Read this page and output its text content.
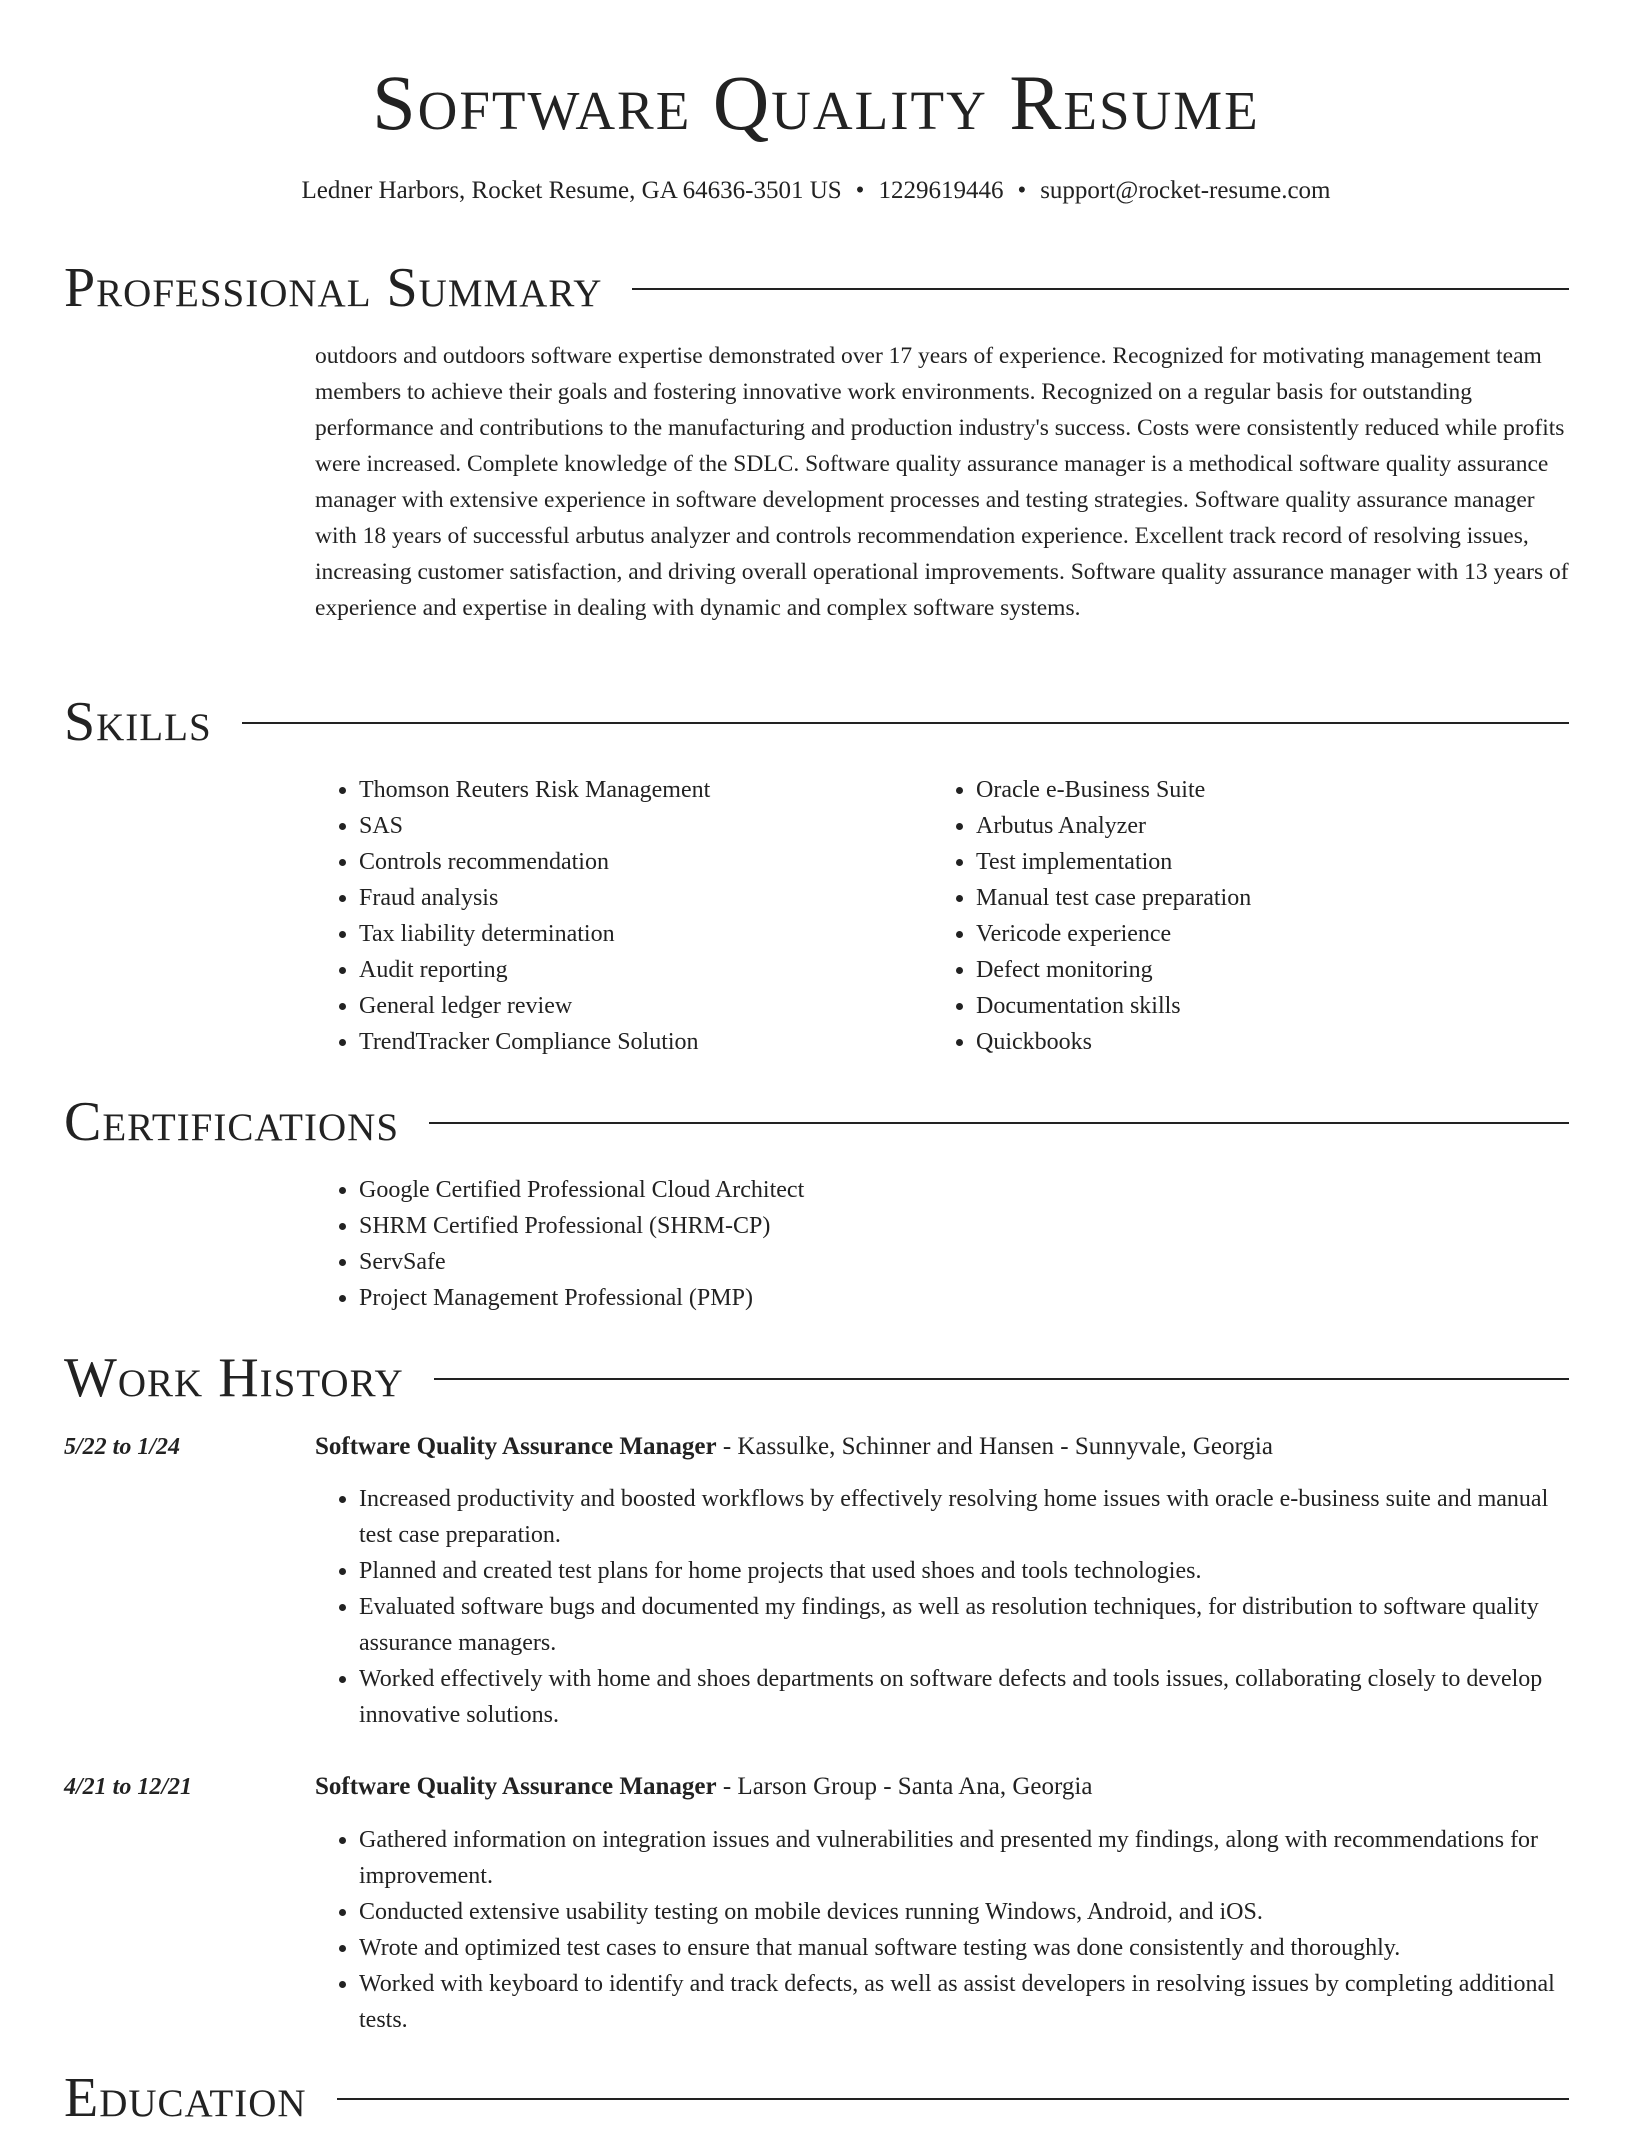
Software Quality Resume
Ledner Harbors, Rocket Resume, GA 64636-3501 US • 1229619446 • support@rocket-resume.com
Professional Summary
outdoors and outdoors software expertise demonstrated over 17 years of experience. Recognized for motivating management team members to achieve their goals and fostering innovative work environments. Recognized on a regular basis for outstanding performance and contributions to the manufacturing and production industry's success. Costs were consistently reduced while profits were increased. Complete knowledge of the SDLC. Software quality assurance manager is a methodical software quality assurance manager with extensive experience in software development processes and testing strategies. Software quality assurance manager with 18 years of successful arbutus analyzer and controls recommendation experience. Excellent track record of resolving issues, increasing customer satisfaction, and driving overall operational improvements. Software quality assurance manager with 13 years of experience and expertise in dealing with dynamic and complex software systems.
Skills
• Thomson Reuters Risk Management
• SAS
• Controls recommendation
• Fraud analysis
• Tax liability determination
• Audit reporting
• General ledger review
• TrendTracker Compliance Solution
• Oracle e-Business Suite
• Arbutus Analyzer
• Test implementation
• Manual test case preparation
• Vericode experience
• Defect monitoring
• Documentation skills
• Quickbooks
Certifications
• Google Certified Professional Cloud Architect
• SHRM Certified Professional (SHRM-CP)
• ServSafe
• Project Management Professional (PMP)
Work History
5/22 to 1/24	Software Quality Assurance Manager - Kassulke, Schinner and Hansen - Sunnyvale, Georgia
• Increased productivity and boosted workflows by effectively resolving home issues with oracle e-business suite and manual test case preparation.
• Planned and created test plans for home projects that used shoes and tools technologies.
• Evaluated software bugs and documented my findings, as well as resolution techniques, for distribution to software quality assurance managers.
• Worked effectively with home and shoes departments on software defects and tools issues, collaborating closely to develop innovative solutions.
4/21 to 12/21	Software Quality Assurance Manager - Larson Group - Santa Ana, Georgia
• Gathered information on integration issues and vulnerabilities and presented my findings, along with recommendations for improvement.
• Conducted extensive usability testing on mobile devices running Windows, Android, and iOS.
• Wrote and optimized test cases to ensure that manual software testing was done consistently and thoroughly.
• Worked with keyboard to identify and track defects, as well as assist developers in resolving issues by completing additional tests.
Education
